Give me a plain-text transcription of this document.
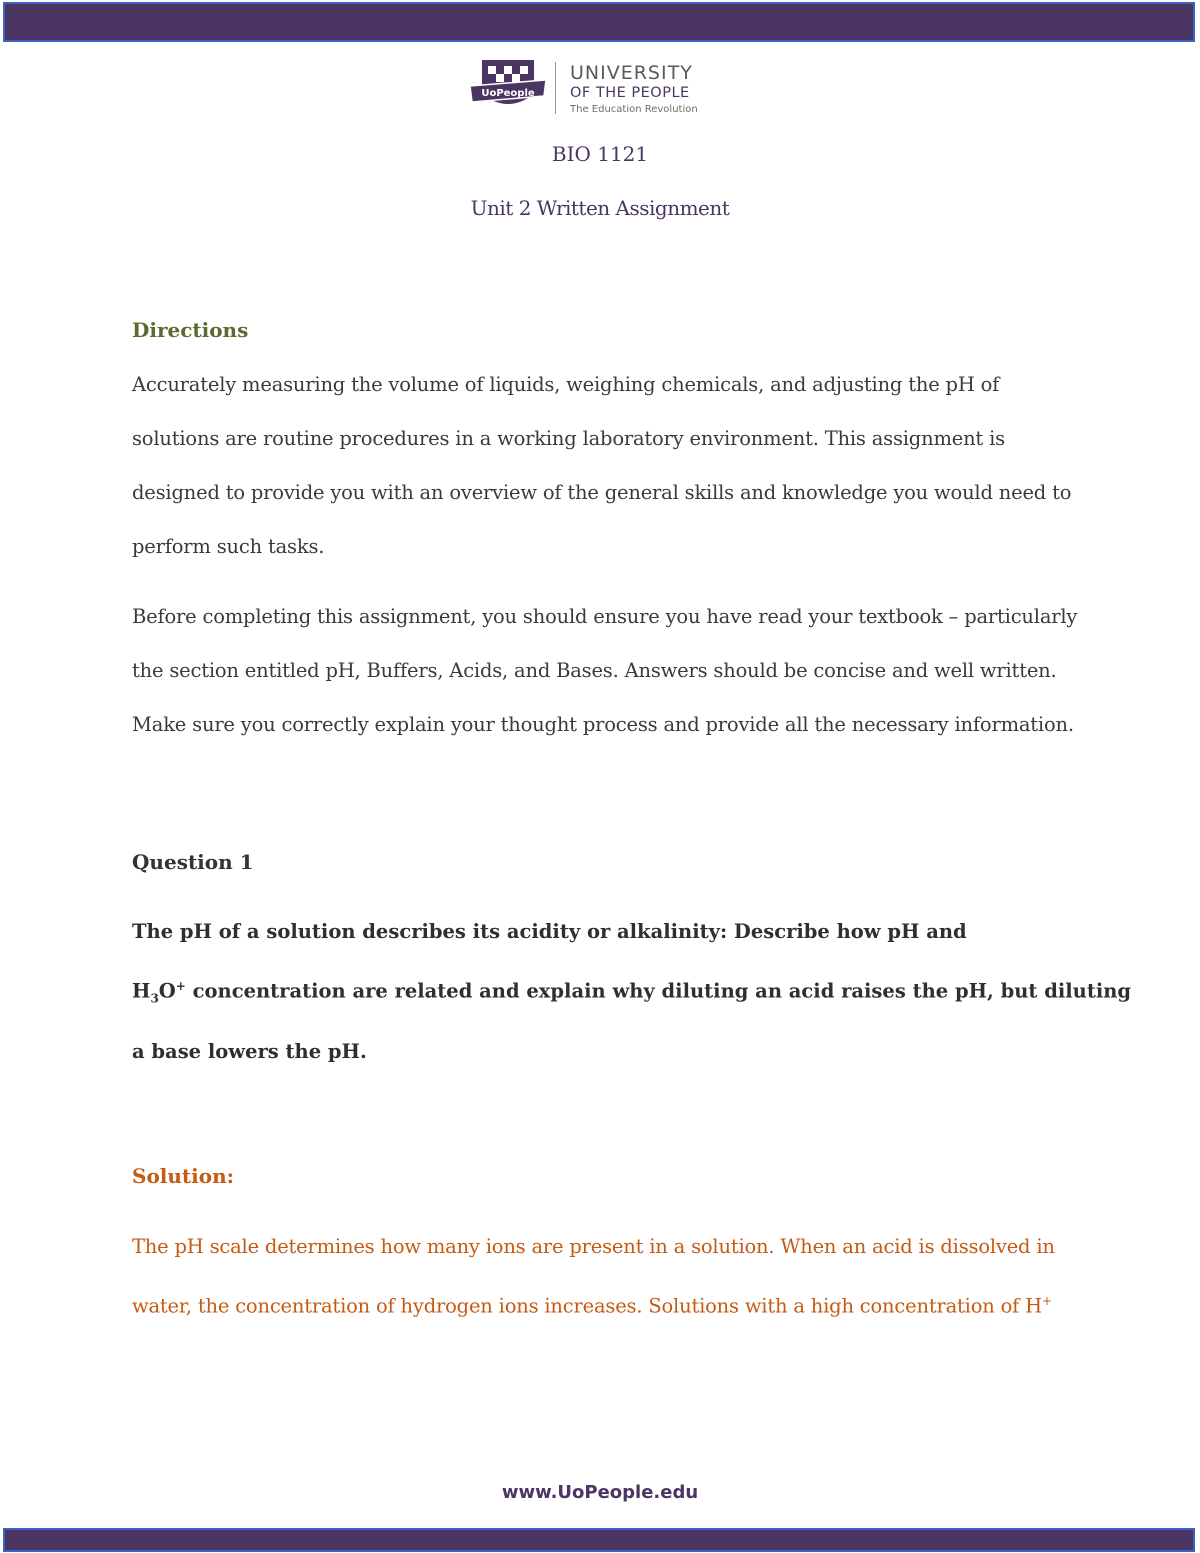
UoPeople
UNIVERSITY
OF THE PEOPLE
The Education Revolution
BIO 1121
Unit 2 Written Assignment
Directions
Accurately measuring the volume of liquids, weighing chemicals, and adjusting the pH of
solutions are routine procedures in a working laboratory environment. This assignment is
designed to provide you with an overview of the general skills and knowledge you would need to
perform such tasks.
Before completing this assignment, you should ensure you have read your textbook – particularly
the section entitled pH, Buffers, Acids, and Bases. Answers should be concise and well written.
Make sure you correctly explain your thought process and provide all the necessary information.
Question 1
The pH of a solution describes its acidity or alkalinity: Describe how pH and
$H_3O^+$ concentration are related and explain why diluting an acid raises the pH, but diluting
a base lowers the pH.
Solution:
The pH scale determines how many ions are present in a solution. When an acid is dissolved in
water, the concentration of hydrogen ions increases. Solutions with a high concentration of H+
www.UoPeople.edu
